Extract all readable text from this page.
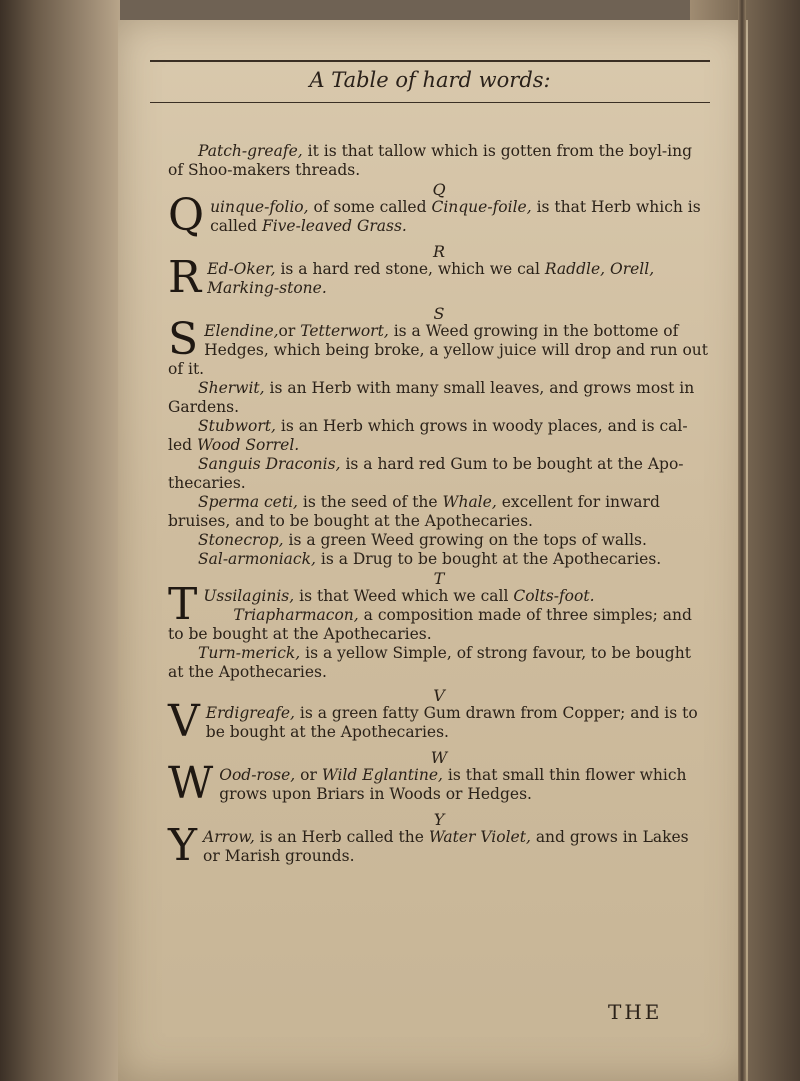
A Table of hard words:

Patch-greafe, it is that tallow which is gotten from the boyl-ing of Shoo-makers threads.

Q

Quinque-folio, of some called Cinque-foile, is that Herb which is called Five-leaved Grass.

R

R Ed-Oker, is a hard red stone, which we cal Raddle, Orell, Marking-stone.

S

S Elendine,or Tetterwort, is a Weed growing in the bottome of Hedges, which being broke, a yellow juice will drop and run out of it.

Sherwit, is an Herb with many small leaves, and grows most in Gardens.

Stubwort, is an Herb which grows in woody places, and is cal-led Wood Sorrel.

Sanguis Draconis, is a hard red Gum to be bought at the Apo-thecaries.

Sperma ceti, is the seed of the Whale, excellent for inward bruises, and to be bought at the Apothecaries.

Stonecrop, is a green Weed growing on the tops of walls.

Sal-armoniack, is a Drug to be bought at the Apothecaries.

T

T Ussilaginis, is that Weed which we call Colts-foot.

Triapharmacon, a composition made of three simples; and to be bought at the Apothecaries.

Turn-merick, is a yellow Simple, of strong favour, to be bought at the Apothecaries.

V

V Erdigreafe, is a green fatty Gum drawn from Copper; and is to be bought at the Apothecaries.

W

W Ood-rose, or Wild Eglantine, is that small thin flower which grows upon Briars in Woods or Hedges.

Y

Y Arrow, is an Herb called the Water Violet, and grows in Lakes or Marish grounds.

THE
